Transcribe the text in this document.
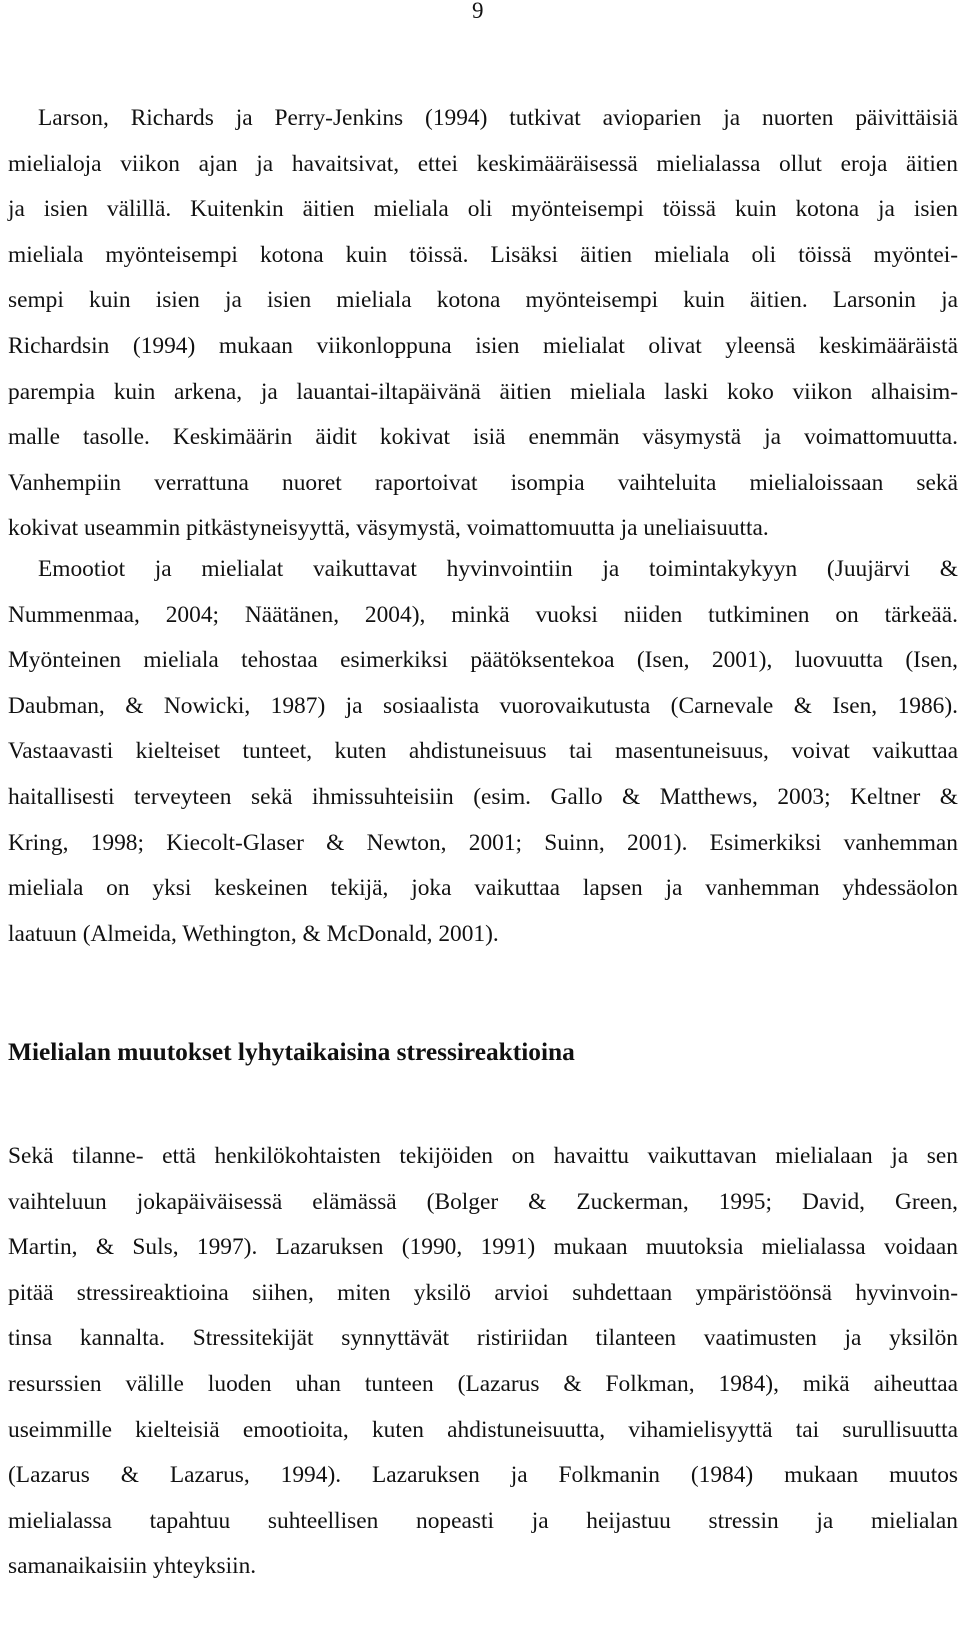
9

Larson, Richards ja Perry-Jenkins (1994) tutkivat avioparien ja nuorten päivittäisiä
mielialoja viikon ajan ja havaitsivat, ettei keskimääräisessä mielialassa ollut eroja äitien
ja isien välillä. Kuitenkin äitien mieliala oli myönteisempi töissä kuin kotona ja isien
mieliala myönteisempi kotona kuin töissä. Lisäksi äitien mieliala oli töissä myöntei-
sempi kuin isien ja isien mieliala kotona myönteisempi kuin äitien. Larsonin ja
Richardsin (1994) mukaan viikonloppuna isien mielialat olivat yleensä keskimääräistä
parempia kuin arkena, ja lauantai-iltapäivänä äitien mieliala laski koko viikon alhaisim-
malle tasolle. Keskimäärin äidit kokivat isiä enemmän väsymystä ja voimattomuutta.
Vanhempiin verrattuna nuoret raportoivat isompia vaihteluita mielialoissaan sekä
kokivat useammin pitkästyneisyyttä, väsymystä, voimattomuutta ja uneliaisuutta.

Emootiot ja mielialat vaikuttavat hyvinvointiin ja toimintakykyyn (Juujärvi &
Nummenmaa, 2004; Näätänen, 2004), minkä vuoksi niiden tutkiminen on tärkeää.
Myönteinen mieliala tehostaa esimerkiksi päätöksentekoa (Isen, 2001), luovuutta (Isen,
Daubman, & Nowicki, 1987) ja sosiaalista vuorovaikutusta (Carnevale & Isen, 1986).
Vastaavasti kielteiset tunteet, kuten ahdistuneisuus tai masentuneisuus, voivat vaikuttaa
haitallisesti terveyteen sekä ihmissuhteisiin (esim. Gallo & Matthews, 2003; Keltner &
Kring, 1998; Kiecolt-Glaser & Newton, 2001; Suinn, 2001). Esimerkiksi vanhemman
mieliala on yksi keskeinen tekijä, joka vaikuttaa lapsen ja vanhemman yhdessäolon
laatuun (Almeida, Wethington, & McDonald, 2001).

Mielialan muutokset lyhytaikaisina stressireaktioina

Sekä tilanne- että henkilökohtaisten tekijöiden on havaittu vaikuttavan mielialaan ja sen
vaihteluun jokapäiväisessä elämässä (Bolger & Zuckerman, 1995; David, Green,
Martin, & Suls, 1997). Lazaruksen (1990, 1991) mukaan muutoksia mielialassa voidaan
pitää stressireaktioina siihen, miten yksilö arvioi suhdettaan ympäristöönsä hyvinvoin-
tinsa kannalta. Stressitekijät synnyttävät ristiriidan tilanteen vaatimusten ja yksilön
resurssien välille luoden uhan tunteen (Lazarus & Folkman, 1984), mikä aiheuttaa
useimmille kielteisiä emootioita, kuten ahdistuneisuutta, vihamielisyyttä tai surullisuutta
(Lazarus & Lazarus, 1994). Lazaruksen ja Folkmanin (1984) mukaan muutos
mielialassa tapahtuu suhteellisen nopeasti ja heijastuu stressin ja mielialan
samanaikaisiin yhteyksiin.
